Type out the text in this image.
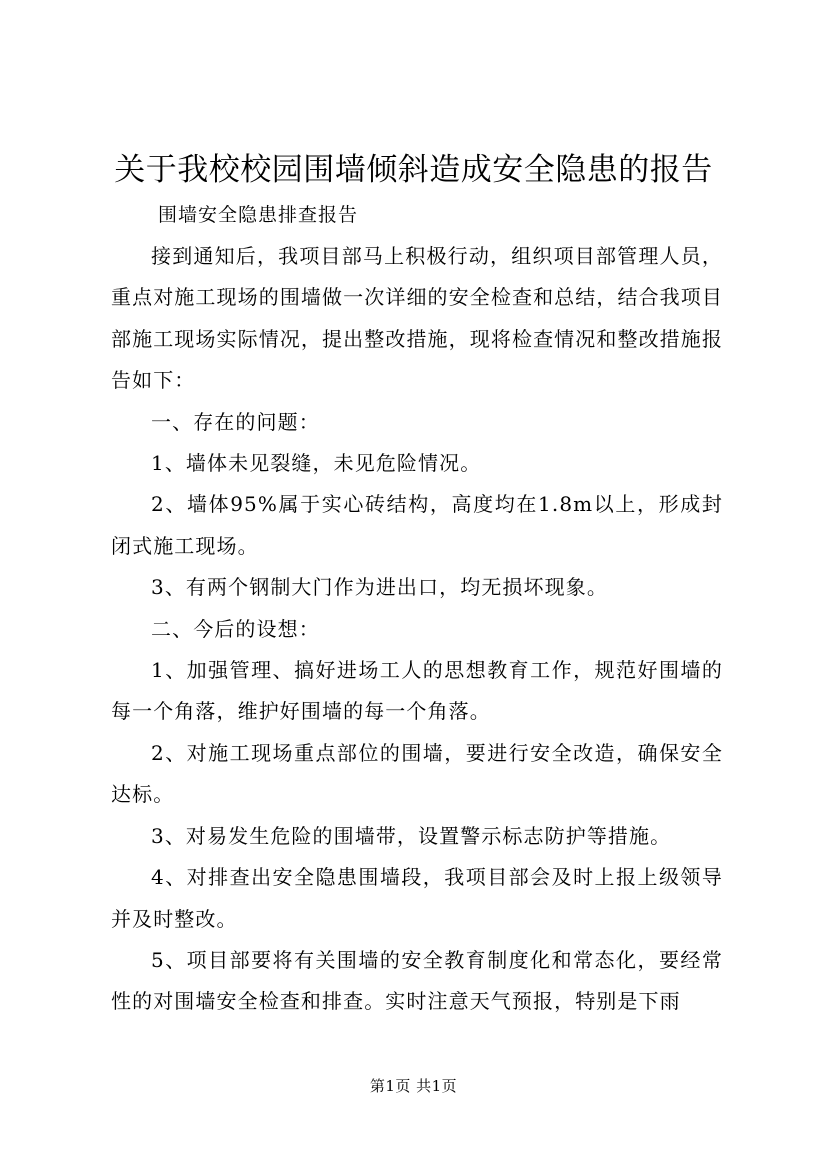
关于我校校园围墙倾斜造成安全隐患的报告
围墙安全隐患排查报告

接到通知后，我项目部马上积极行动，组织项目部管理人员，重点对施工现场的围墙做一次详细的安全检查和总结，结合我项目部施工现场实际情况，提出整改措施，现将检查情况和整改措施报告如下：

一、存在的问题：

1、墙体未见裂缝，未见危险情况。

2、墙体95%属于实心砖结构，高度均在1.8m以上，形成封闭式施工现场。

3、有两个钢制大门作为进出口，均无损坏现象。

二、今后的设想：

1、加强管理、搞好进场工人的思想教育工作，规范好围墙的每一个角落，维护好围墙的每一个角落。

2、对施工现场重点部位的围墙，要进行安全改造，确保安全达标。

3、对易发生危险的围墙带，设置警示标志防护等措施。

4、对排查出安全隐患围墙段，我项目部会及时上报上级领导并及时整改。

5、项目部要将有关围墙的安全教育制度化和常态化，要经常性的对围墙安全检查和排查。实时注意天气预报，特别是下雨

第1页 共1页
